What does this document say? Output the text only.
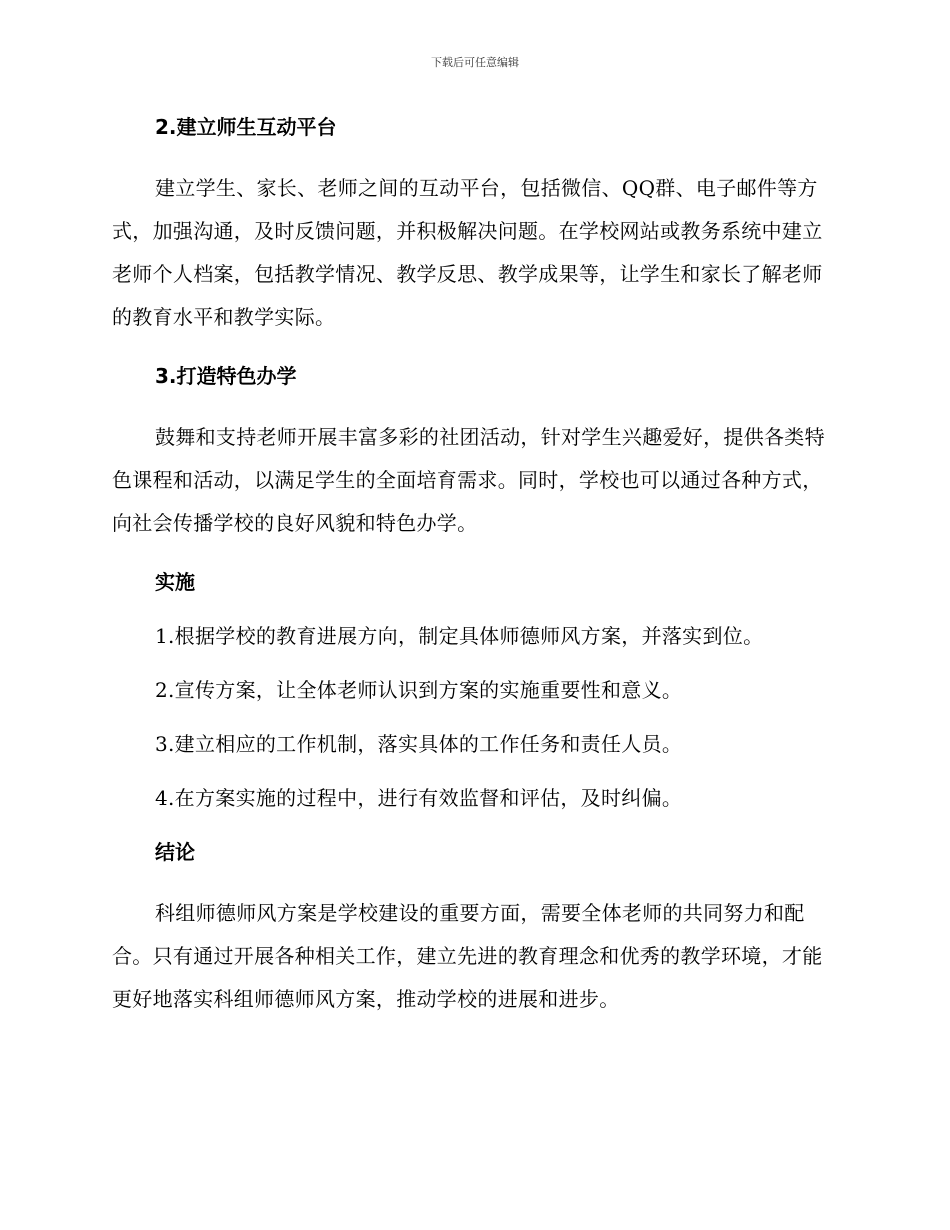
下载后可任意编辑
2.建立师生互动平台

建立学生、家长、老师之间的互动平台，包括微信、QQ群、电子邮件等方式，加强沟通，及时反馈问题，并积极解决问题。在学校网站或教务系统中建立老师个人档案，包括教学情况、教学反思、教学成果等，让学生和家长了解老师的教育水平和教学实际。

3.打造特色办学

鼓舞和支持老师开展丰富多彩的社团活动，针对学生兴趣爱好，提供各类特色课程和活动，以满足学生的全面培育需求。同时，学校也可以通过各种方式，向社会传播学校的良好风貌和特色办学。

实施

1.根据学校的教育进展方向，制定具体师德师风方案，并落实到位。

2.宣传方案，让全体老师认识到方案的实施重要性和意义。

3.建立相应的工作机制，落实具体的工作任务和责任人员。

4.在方案实施的过程中，进行有效监督和评估，及时纠偏。

结论

科组师德师风方案是学校建设的重要方面，需要全体老师的共同努力和配合。只有通过开展各种相关工作，建立先进的教育理念和优秀的教学环境，才能更好地落实科组师德师风方案，推动学校的进展和进步。
